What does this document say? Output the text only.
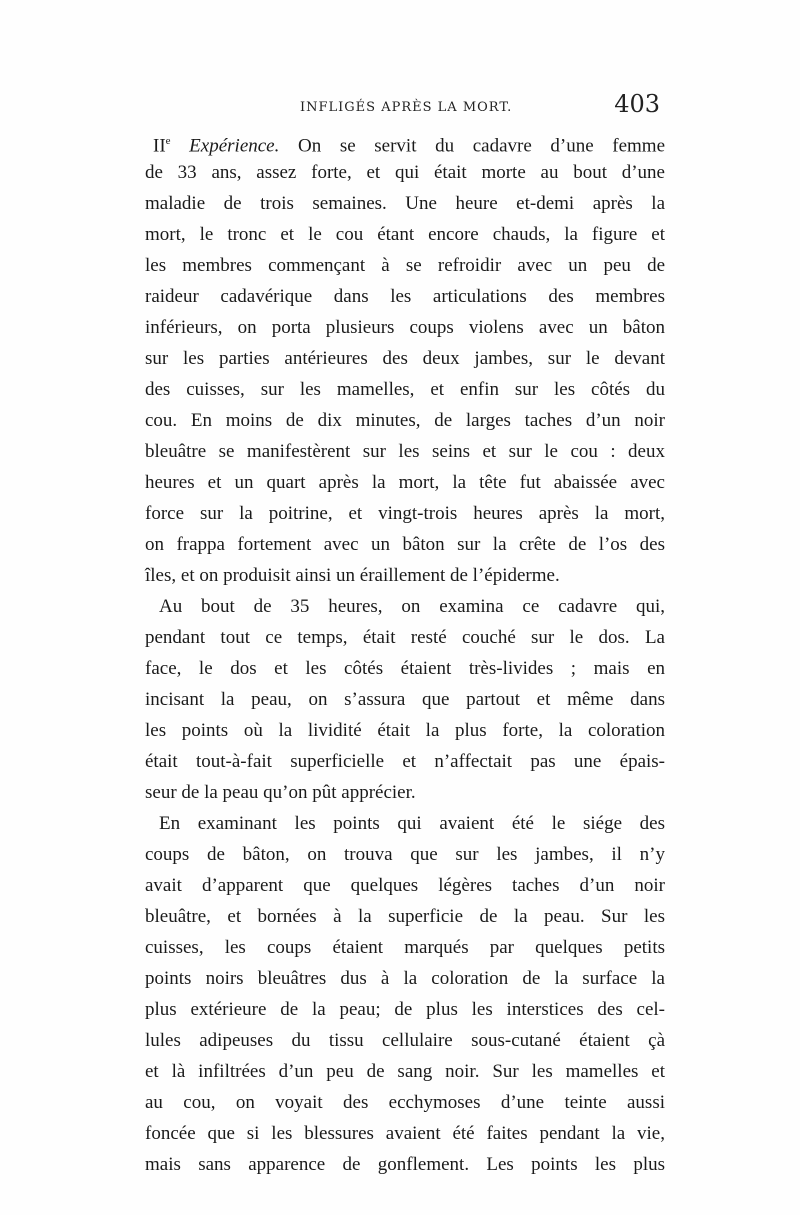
INFLIGÉS APRÈS LA MORT.	403
IIe Expérience. On se servit du cadavre d’une femme
de 33 ans, assez forte, et qui était morte au bout d’une
maladie de trois semaines. Une heure et-demi après la
mort, le tronc et le cou étant encore chauds, la figure et
les membres commençant à se refroidir avec un peu de
raideur cadavérique dans les articulations des membres
inférieurs, on porta plusieurs coups violens avec un bâton
sur les parties antérieures des deux jambes, sur le devant
des cuisses, sur les mamelles, et enfin sur les côtés du
cou. En moins de dix minutes, de larges taches d’un noir
bleuâtre se manifestèrent sur les seins et sur le cou : deux
heures et un quart après la mort, la tête fut abaissée avec
force sur la poitrine, et vingt-trois heures après la mort,
on frappa fortement avec un bâton sur la crête de l’os des
îles, et on produisit ainsi un éraillement de l’épiderme.
Au bout de 35 heures, on examina ce cadavre qui,
pendant tout ce temps, était resté couché sur le dos. La
face, le dos et les côtés étaient très-livides ; mais en
incisant la peau, on s’assura que partout et même dans
les points où la lividité était la plus forte, la coloration
était tout-à-fait superficielle et n’affectait pas une épais-
seur de la peau qu’on pût apprécier.
En examinant les points qui avaient été le siége des
coups de bâton, on trouva que sur les jambes, il n’y
avait d’apparent que quelques légères taches d’un noir
bleuâtre, et bornées à la superficie de la peau. Sur les
cuisses, les coups étaient marqués par quelques petits
points noirs bleuâtres dus à la coloration de la surface la
plus extérieure de la peau; de plus les interstices des cel-
lules adipeuses du tissu cellulaire sous-cutané étaient çà
et là infiltrées d’un peu de sang noir. Sur les mamelles et
au cou, on voyait des ecchymoses d’une teinte aussi
foncée que si les blessures avaient été faites pendant la vie,
mais sans apparence de gonflement. Les points les plus
